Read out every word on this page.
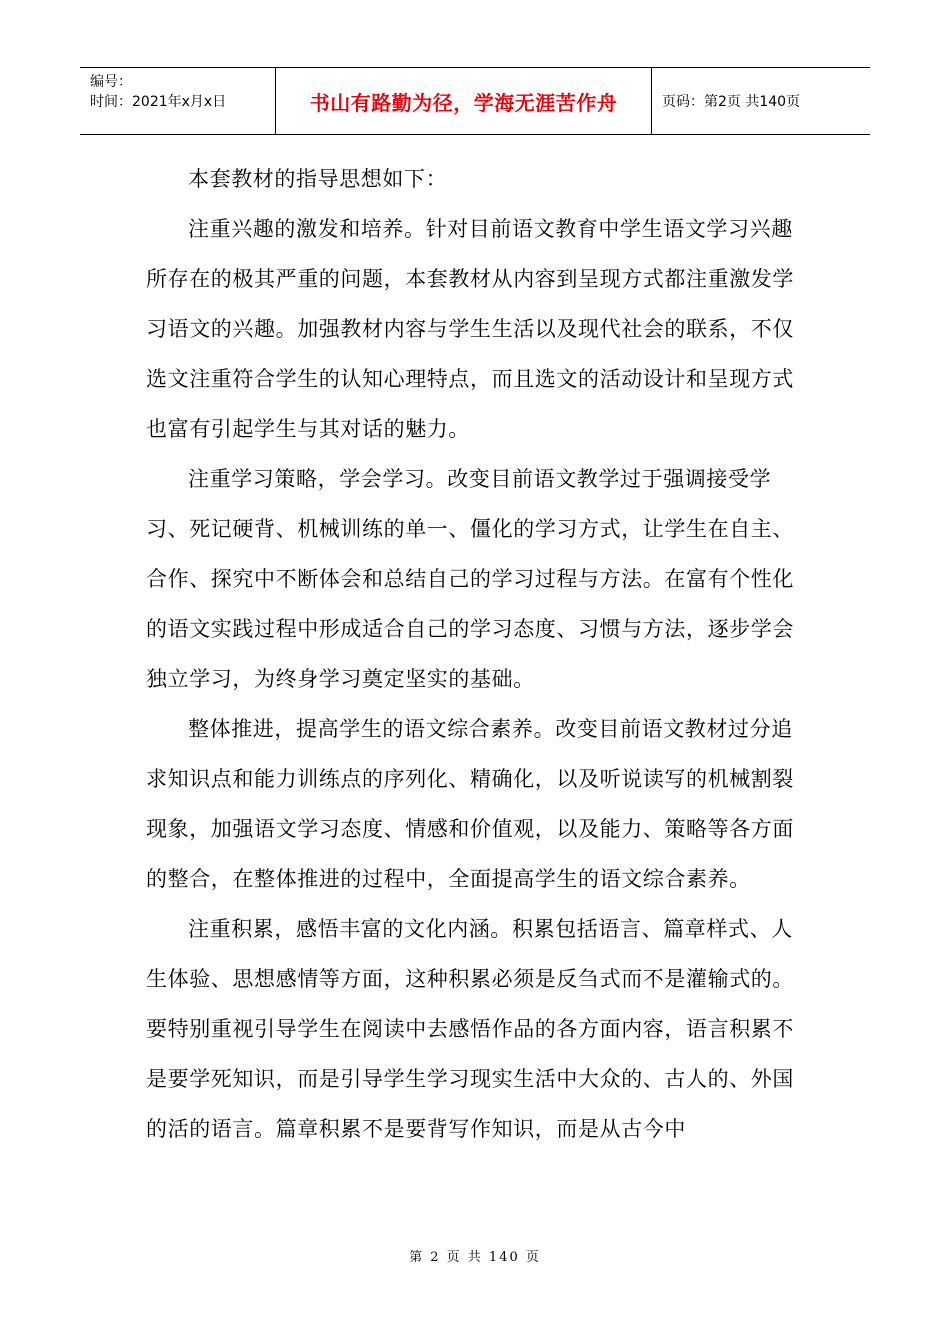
编号：
时间：2021年x月x日	书山有路勤为径，学海无涯苦作舟	页码：第2页 共140页

本套教材的指导思想如下：

注重兴趣的激发和培养。针对目前语文教育中学生语文学习兴趣所存在的极其严重的问题，本套教材从内容到呈现方式都注重激发学习语文的兴趣。加强教材内容与学生生活以及现代社会的联系，不仅选文注重符合学生的认知心理特点，而且选文的活动设计和呈现方式也富有引起学生与其对话的魅力。

注重学习策略，学会学习。改变目前语文教学过于强调接受学习、死记硬背、机械训练的单一、僵化的学习方式，让学生在自主、合作、探究中不断体会和总结自己的学习过程与方法。在富有个性化的语文实践过程中形成适合自己的学习态度、习惯与方法，逐步学会独立学习，为终身学习奠定坚实的基础。

整体推进，提高学生的语文综合素养。改变目前语文教材过分追求知识点和能力训练点的序列化、精确化，以及听说读写的机械割裂现象，加强语文学习态度、情感和价值观，以及能力、策略等各方面的整合，在整体推进的过程中，全面提高学生的语文综合素养。

注重积累，感悟丰富的文化内涵。积累包括语言、篇章样式、人生体验、思想感情等方面，这种积累必须是反刍式而不是灌输式的。要特别重视引导学生在阅读中去感悟作品的各方面内容，语言积累不是要学死知识，而是引导学生学习现实生活中大众的、古人的、外国的活的语言。篇章积累不是要背写作知识，而是从古今中

第 2 页 共 140 页
